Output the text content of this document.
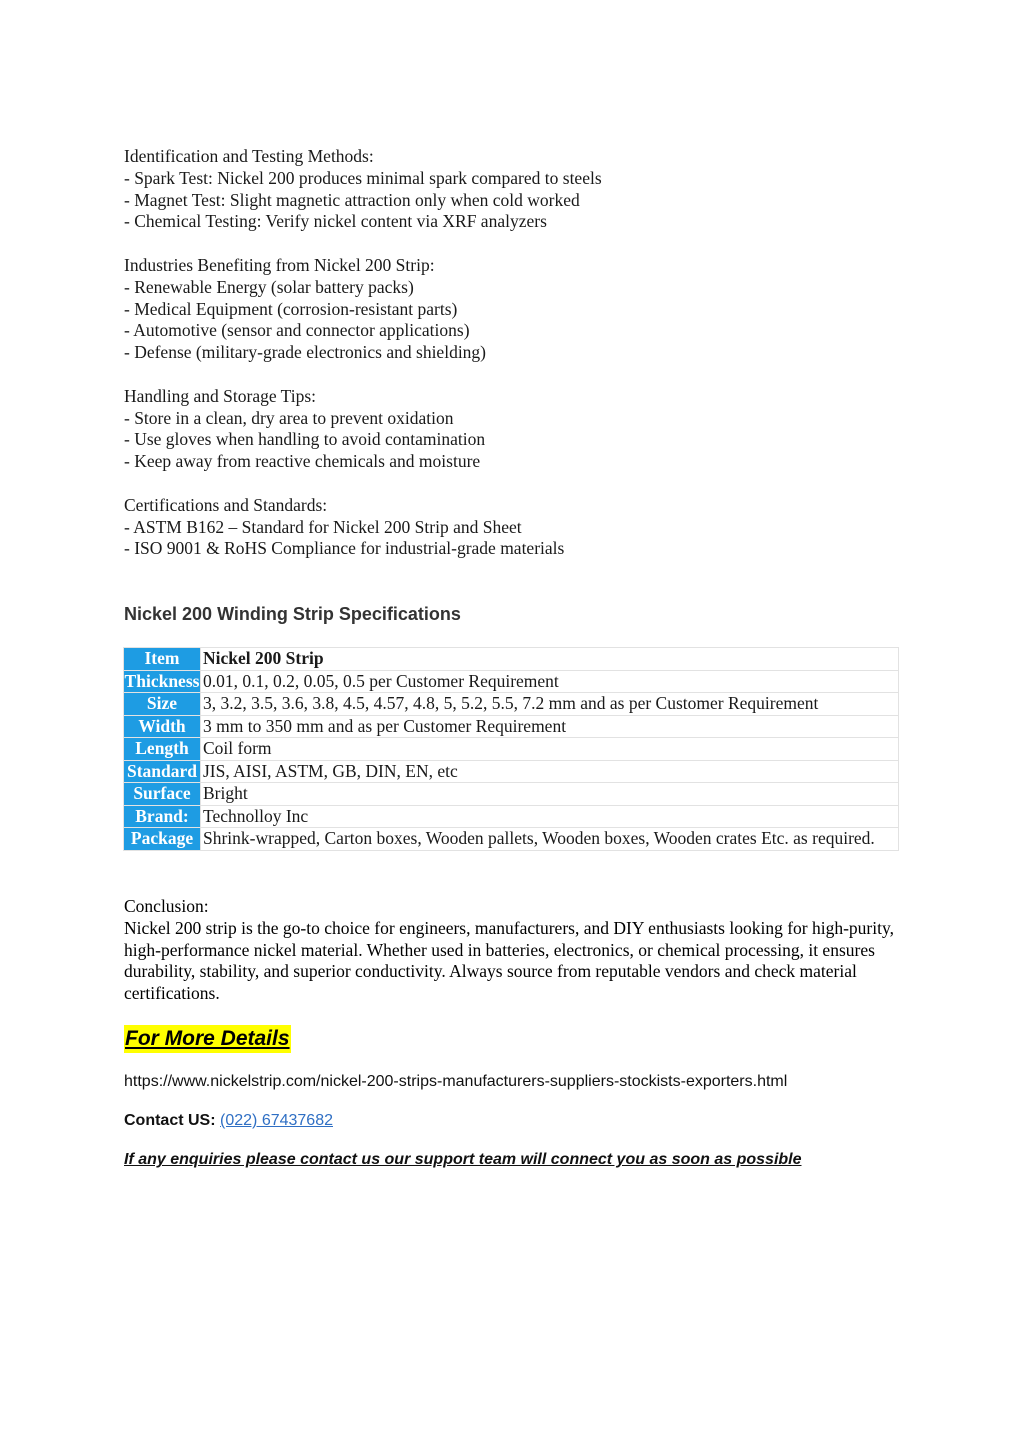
Identification and Testing Methods:
- Spark Test: Nickel 200 produces minimal spark compared to steels
- Magnet Test: Slight magnetic attraction only when cold worked
- Chemical Testing: Verify nickel content via XRF analyzers
Industries Benefiting from Nickel 200 Strip:
- Renewable Energy (solar battery packs)
- Medical Equipment (corrosion-resistant parts)
- Automotive (sensor and connector applications)
- Defense (military-grade electronics and shielding)
Handling and Storage Tips:
- Store in a clean, dry area to prevent oxidation
- Use gloves when handling to avoid contamination
- Keep away from reactive chemicals and moisture
Certifications and Standards:
- ASTM B162 – Standard for Nickel 200 Strip and Sheet
- ISO 9001 & RoHS Compliance for industrial-grade materials
Nickel 200 Winding Strip Specifications
Item	Nickel 200 Strip
Thickness	0.01, 0.1, 0.2, 0.05, 0.5 per Customer Requirement
Size	3, 3.2, 3.5, 3.6, 3.8, 4.5, 4.57, 4.8, 5, 5.2, 5.5, 7.2 mm and as per Customer Requirement
Width	3 mm to 350 mm and as per Customer Requirement
Length	Coil form
Standard	JIS, AISI, ASTM, GB, DIN, EN, etc
Surface	Bright
Brand:	Technolloy Inc
Package	Shrink-wrapped, Carton boxes, Wooden pallets, Wooden boxes, Wooden crates Etc. as required.
Conclusion:
Nickel 200 strip is the go-to choice for engineers, manufacturers, and DIY enthusiasts looking for high-purity, high-performance nickel material. Whether used in batteries, electronics, or chemical processing, it ensures durability, stability, and superior conductivity. Always source from reputable vendors and check material certifications.
For More Details
https://www.nickelstrip.com/nickel-200-strips-manufacturers-suppliers-stockists-exporters.html
Contact US: (022) 67437682
If any enquiries please contact us our support team will connect you as soon as possible
